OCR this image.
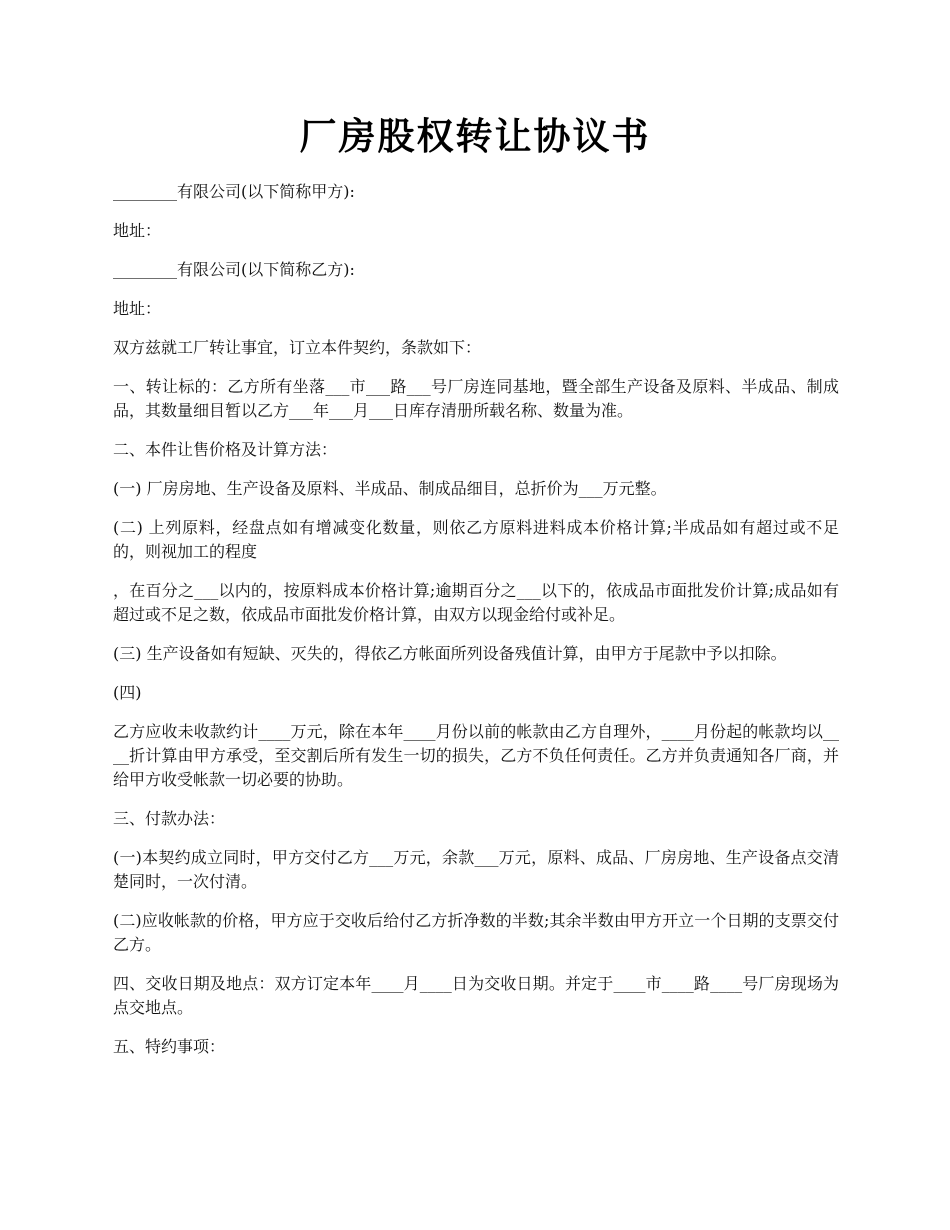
厂房股权转让协议书

________有限公司(以下简称甲方):

地址：

________有限公司(以下简称乙方):

地址：

双方兹就工厂转让事宜，订立本件契约，条款如下：

一、转让标的：乙方所有坐落___市___路___号厂房连同基地，暨全部生产设备及原料、半成品、制成品，其数量细目暂以乙方___年___月___日库存清册所载名称、数量为准。

二、本件让售价格及计算方法：

(一) 厂房房地、生产设备及原料、半成品、制成品细目，总折价为___万元整。

(二) 上列原料，经盘点如有增减变化数量，则依乙方原料进料成本价格计算;半成品如有超过或不足的，则视加工的程度

，在百分之___以内的，按原料成本价格计算;逾期百分之___以下的，依成品市面批发价计算;成品如有超过或不足之数，依成品市面批发价格计算，由双方以现金给付或补足。

(三) 生产设备如有短缺、灭失的，得依乙方帐面所列设备残值计算，由甲方于尾款中予以扣除。

(四)

乙方应收未收款约计____万元，除在本年____月份以前的帐款由乙方自理外，____月份起的帐款均以____折计算由甲方承受，至交割后所有发生一切的损失，乙方不负任何责任。乙方并负责通知各厂商，并给甲方收受帐款一切必要的协助。

三、付款办法：

(一)本契约成立同时，甲方交付乙方___万元，余款___万元，原料、成品、厂房房地、生产设备点交清楚同时，一次付清。

(二)应收帐款的价格，甲方应于交收后给付乙方折净数的半数;其余半数由甲方开立一个日期的支票交付乙方。

四、交收日期及地点：双方订定本年____月____日为交收日期。并定于____市____路____号厂房现场为点交地点。

五、特约事项：
